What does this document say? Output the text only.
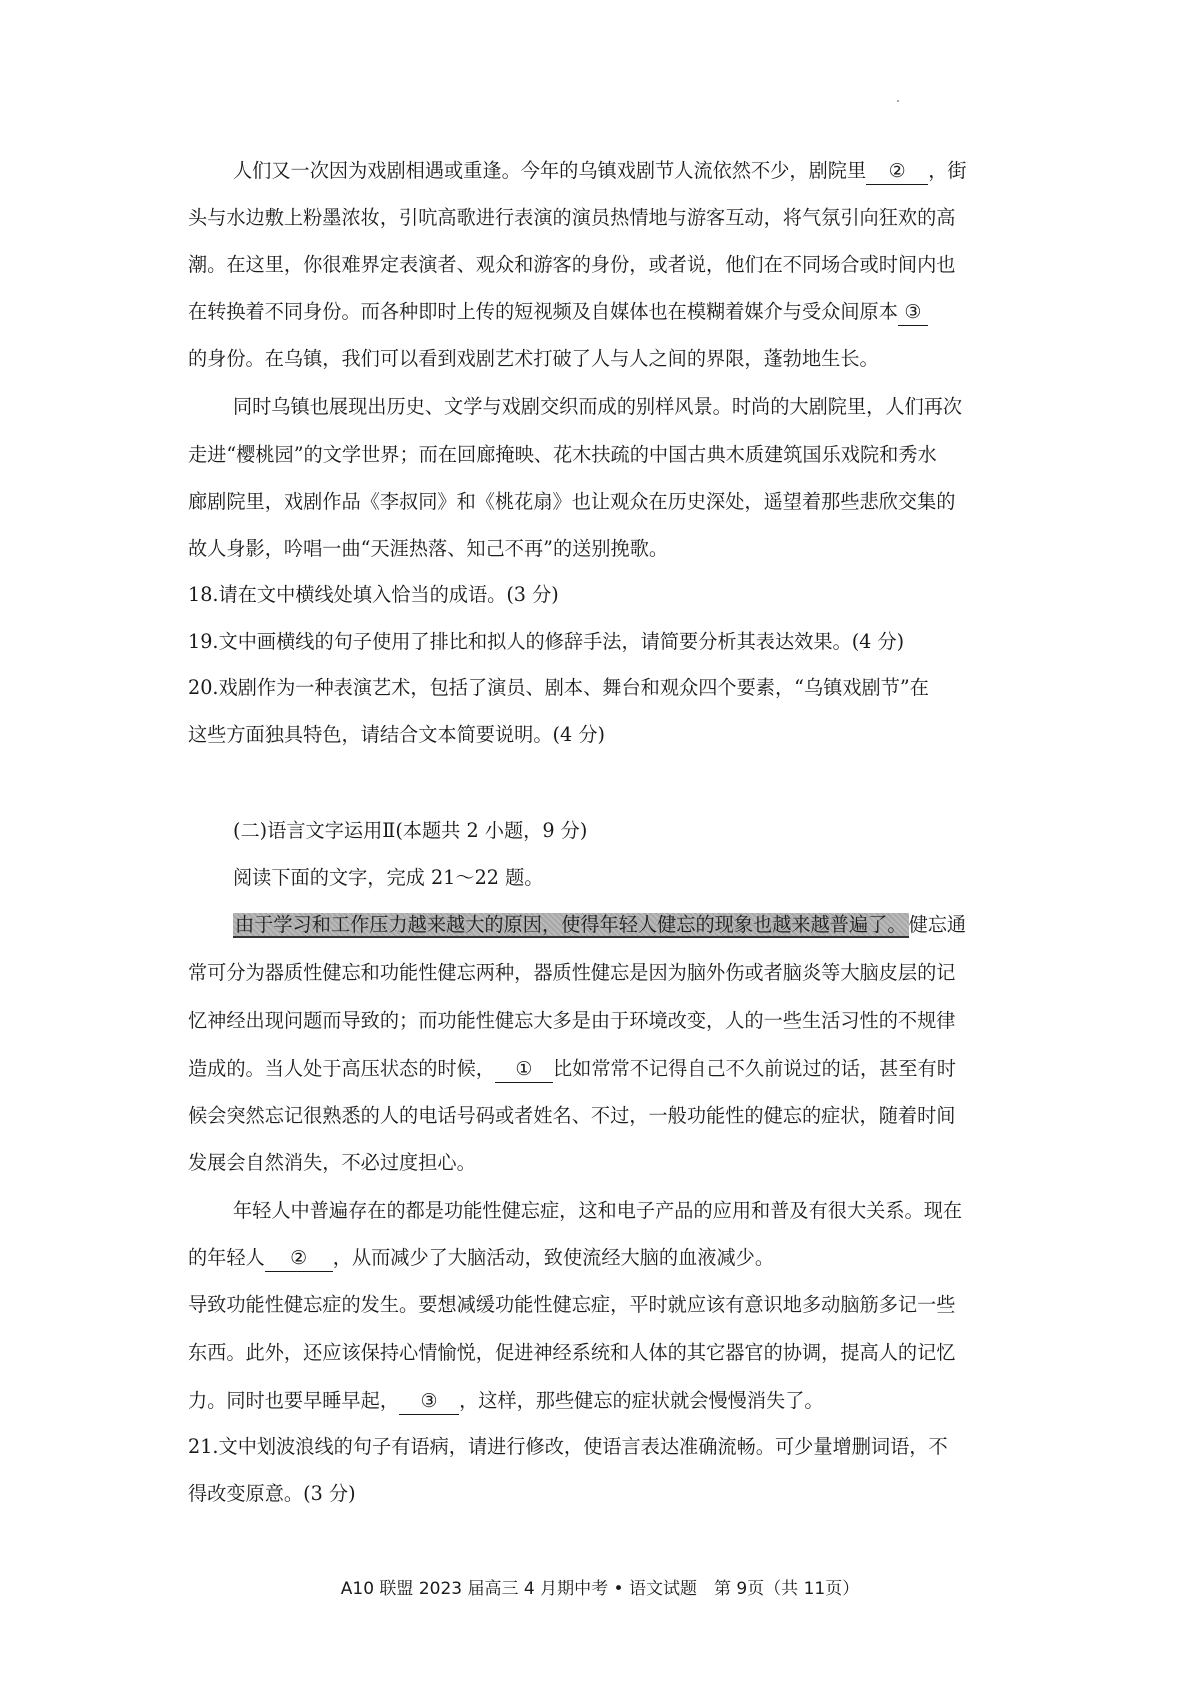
人们又一次因为戏剧相遇或重逢。今年的乌镇戏剧节人流依然不少，剧院里 ② ，街
头与水边敷上粉墨浓妆，引吭高歌进行表演的演员热情地与游客互动，将气氛引向狂欢的高
潮。在这里，你很难界定表演者、观众和游客的身份，或者说，他们在不同场合或时间内也
在转换着不同身份。而各种即时上传的短视频及自媒体也在模糊着媒介与受众间原本 ③
的身份。在乌镇，我们可以看到戏剧艺术打破了人与人之间的界限，蓬勃地生长。
同时乌镇也展现出历史、文学与戏剧交织而成的别样风景。时尚的大剧院里，人们再次
走进“樱桃园”的文学世界；而在回廊掩映、花木扶疏的中国古典木质建筑国乐戏院和秀水
廊剧院里，戏剧作品《李叔同》和《桃花扇》也让观众在历史深处，遥望着那些悲欣交集的
故人身影，吟唱一曲“天涯热落、知己不再”的送别挽歌。
18.请在文中横线处填入恰当的成语。(3 分)
19.文中画横线的句子使用了排比和拟人的修辞手法，请简要分析其表达效果。(4 分)
20.戏剧作为一种表演艺术，包括了演员、剧本、舞台和观众四个要素，“乌镇戏剧节”在
这些方面独具特色，请结合文本简要说明。(4 分)
(二)语言文字运用Ⅱ(本题共 2 小题，9 分)
阅读下面的文字，完成 21～22 题。
由于学习和工作压力越来越大的原因，使得年轻人健忘的现象也越来越普遍了。 健忘通
常可分为器质性健忘和功能性健忘两种，器质性健忘是因为脑外伤或者脑炎等大脑皮层的记
忆神经出现问题而导致的；而功能性健忘大多是由于环境改变，人的一些生活习性的不规律
造成的。当人处于高压状态的时候， ① 比如常常不记得自己不久前说过的话，甚至有时
候会突然忘记很熟悉的人的电话号码或者姓名、不过，一般功能性的健忘的症状，随着时间
发展会自然消失，不必过度担心。
年轻人中普遍存在的都是功能性健忘症，这和电子产品的应用和普及有很大关系。现在
的年轻人 ② ，从而减少了大脑活动，致使流经大脑的血液减少。
导致功能性健忘症的发生。要想减缓功能性健忘症，平时就应该有意识地多动脑筋多记一些
东西。此外，还应该保持心情愉悦，促进神经系统和人体的其它器官的协调，提高人的记忆
力。同时也要早睡早起， ③ ，这样，那些健忘的症状就会慢慢消失了。
21.文中划波浪线的句子有语病，请进行修改，使语言表达准确流畅。可少量增删词语，不
得改变原意。(3 分)
A10 联盟 2023 届高三 4 月期中考 • 语文试题　第 9页（共 11页）
